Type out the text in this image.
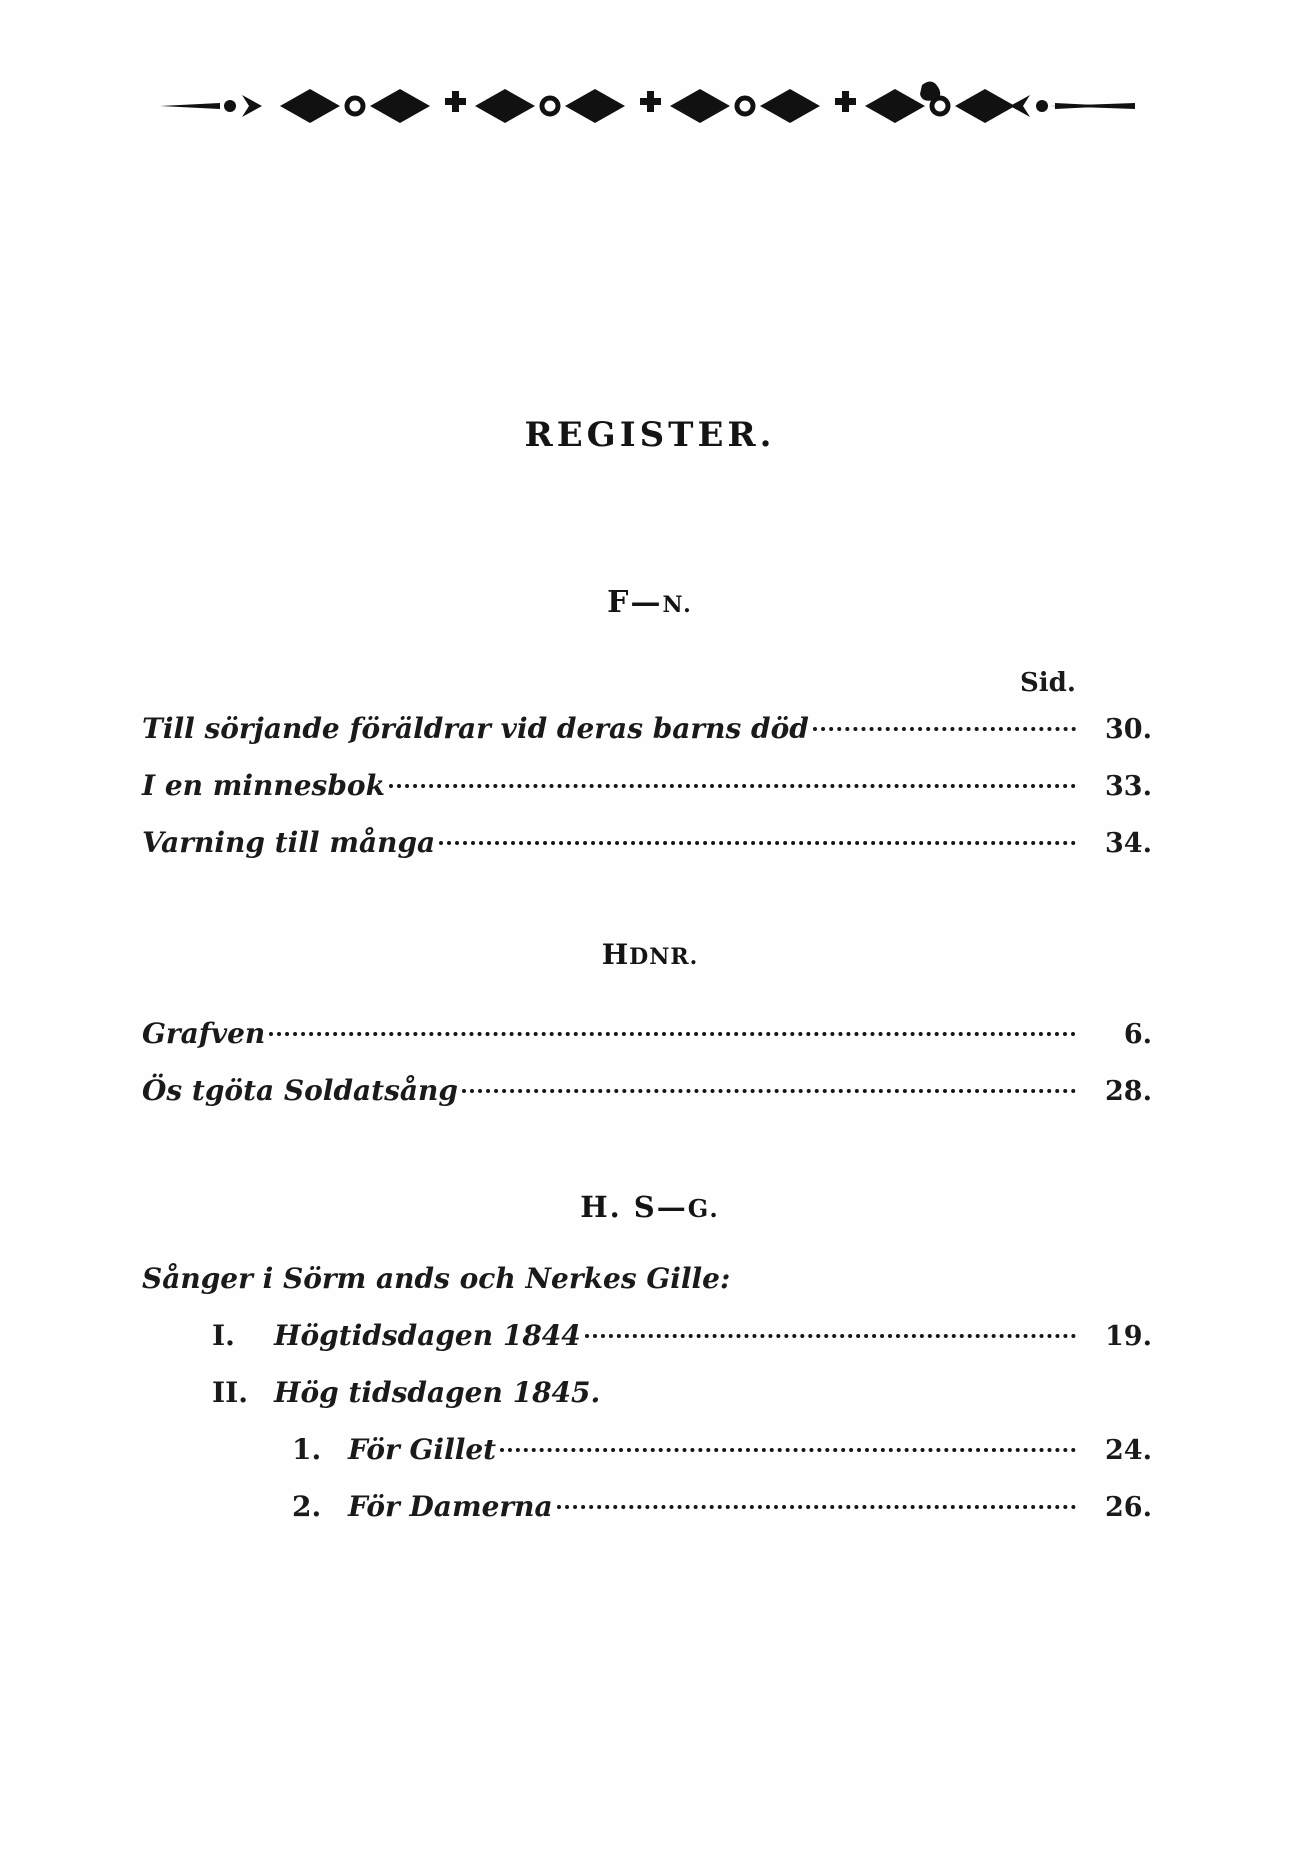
REGISTER.
F—N.
Sid.
Till sörjande föräldrar vid deras barns död	30.
I en minnesbok	33.
Varning till många	34.
HDNR.
Grafven	6.
Ös tgöta Soldatsång	28.
H. S—G.
Sånger i Sörm ands och Nerkes Gille:
I.	Högtidsdagen 1844	19.
II. Hög tidsdagen 1845.
1. För Gillet	24.
2. För Damerna	26.
